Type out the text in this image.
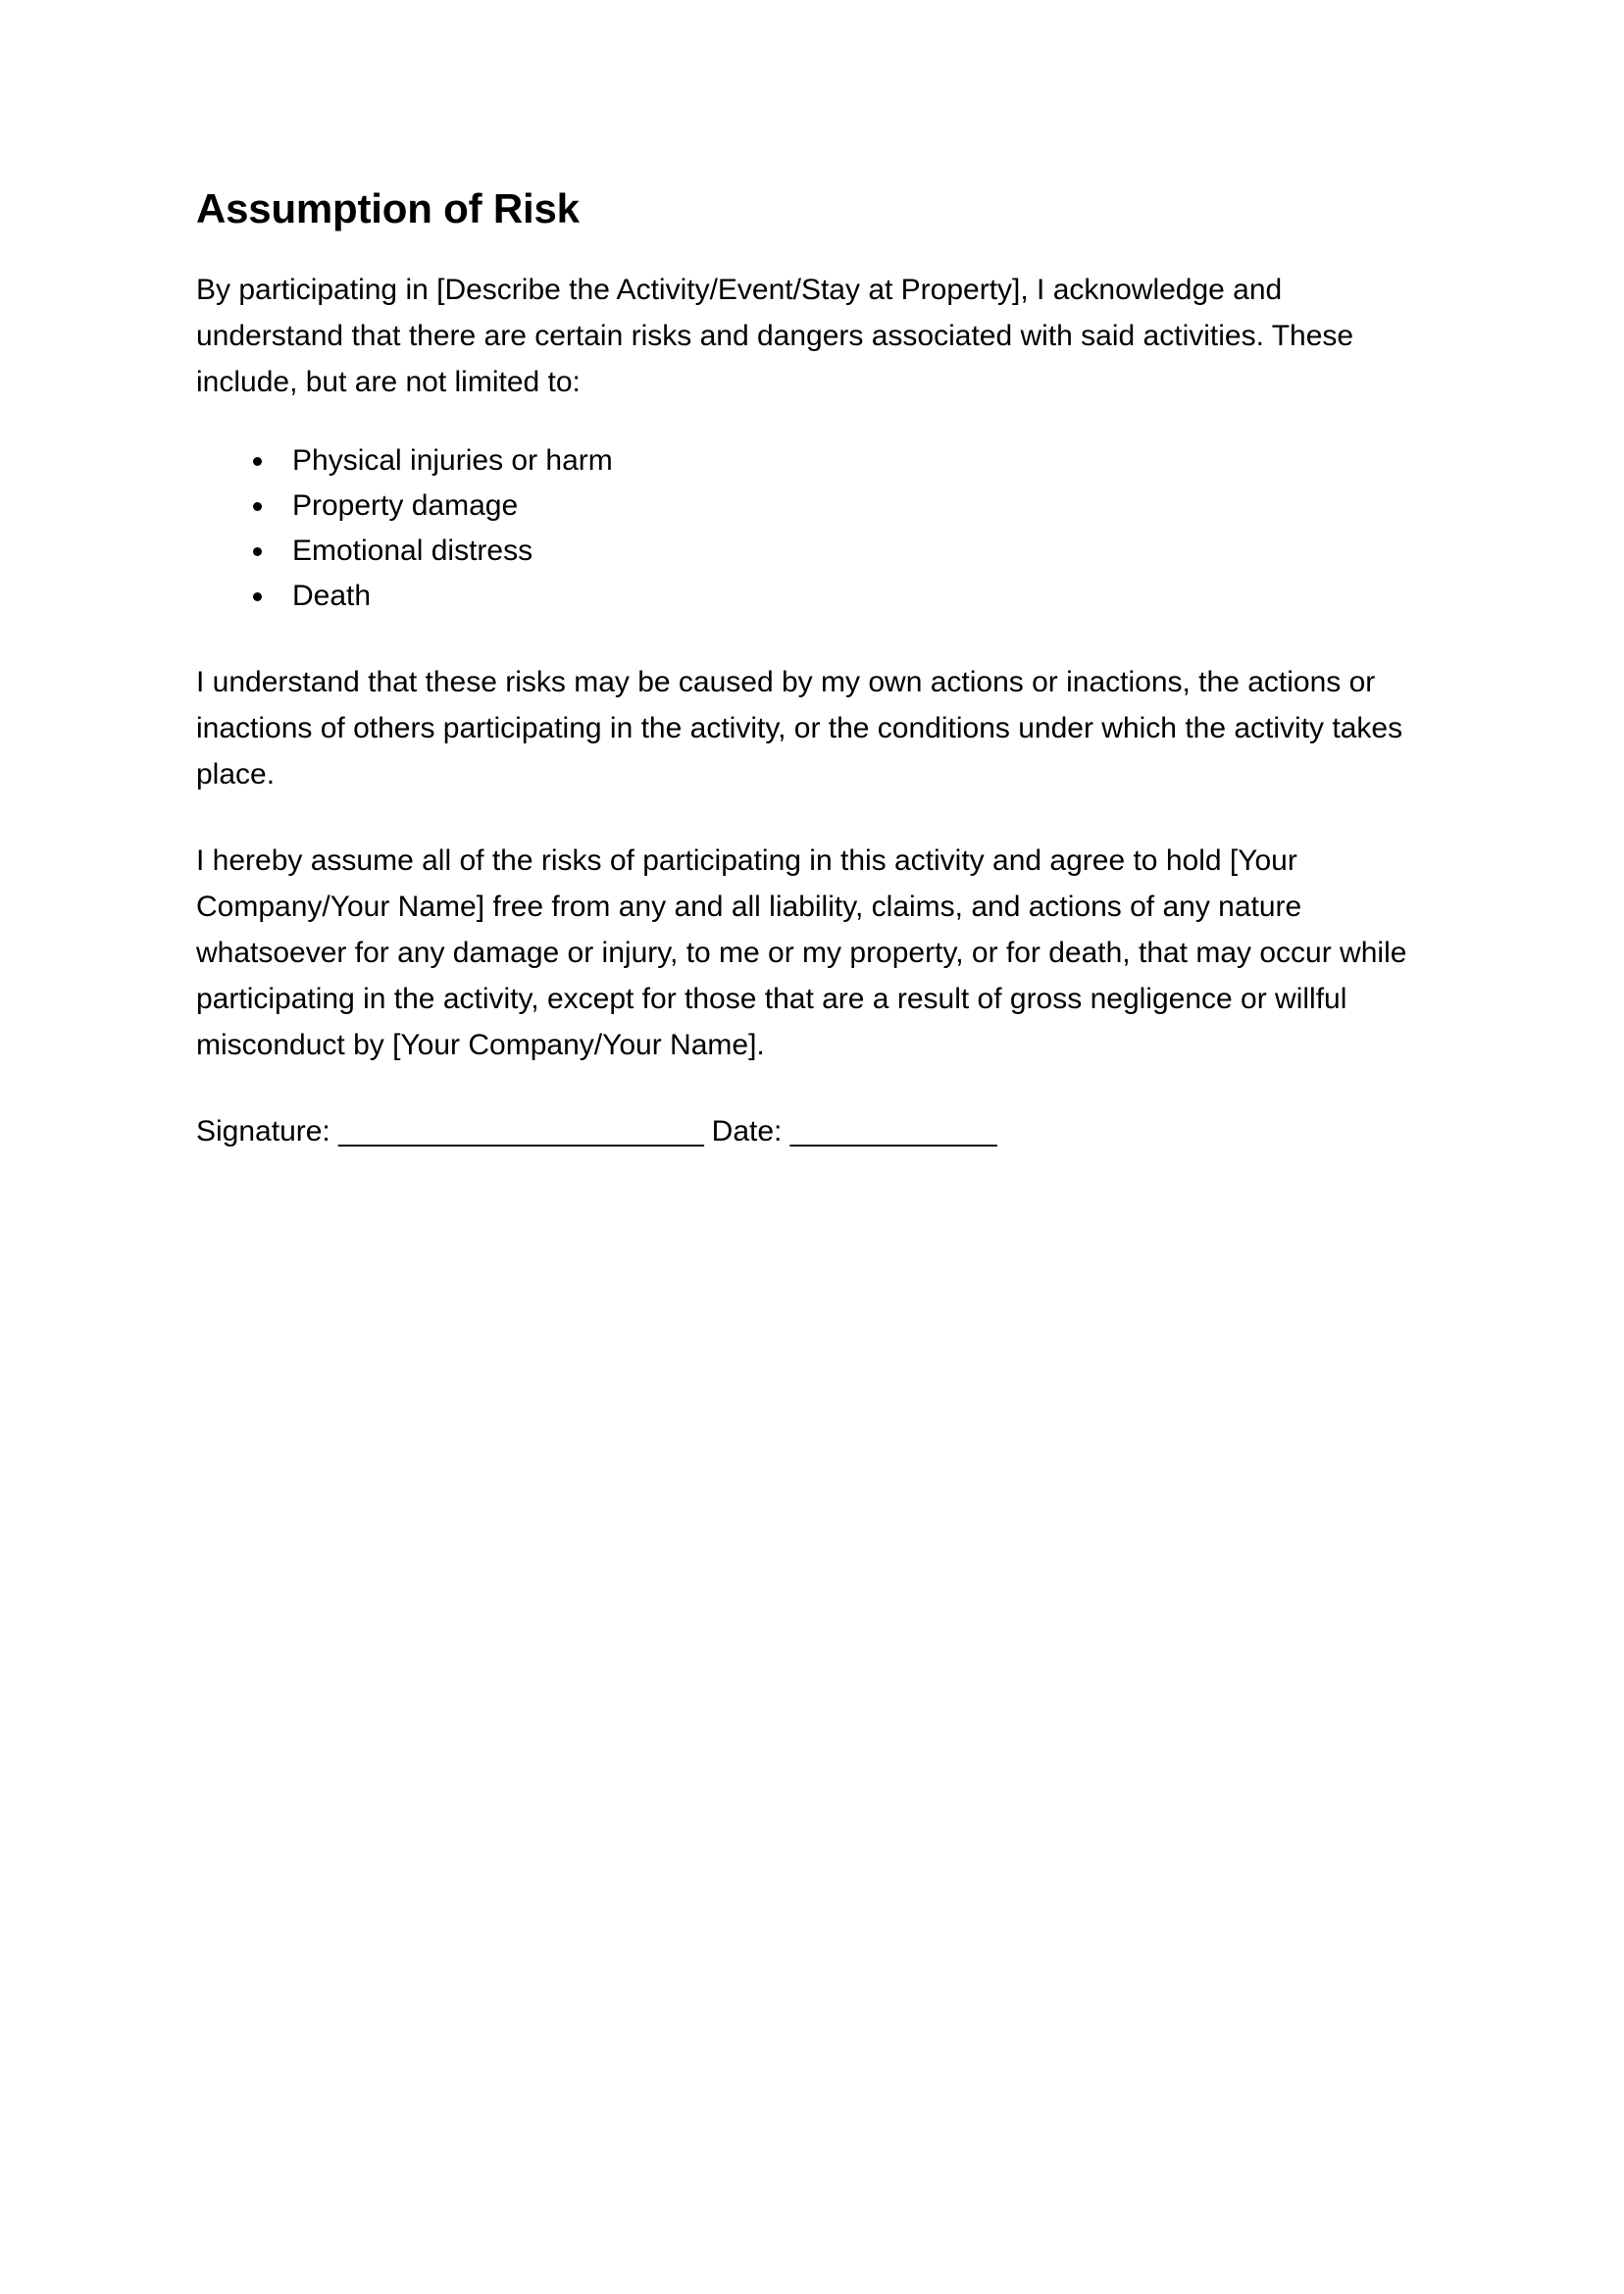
Assumption of Risk

By participating in [Describe the Activity/Event/Stay at Property], I acknowledge and understand that there are certain risks and dangers associated with said activities. These include, but are not limited to:

Physical injuries or harm
Property damage
Emotional distress
Death

I understand that these risks may be caused by my own actions or inactions, the actions or inactions of others participating in the activity, or the conditions under which the activity takes place.

I hereby assume all of the risks of participating in this activity and agree to hold [Your Company/Your Name] free from any and all liability, claims, and actions of any nature whatsoever for any damage or injury, to me or my property, or for death, that may occur while participating in the activity, except for those that are a result of gross negligence or willful misconduct by [Your Company/Your Name].

Signature: _______________________ Date: _____________
